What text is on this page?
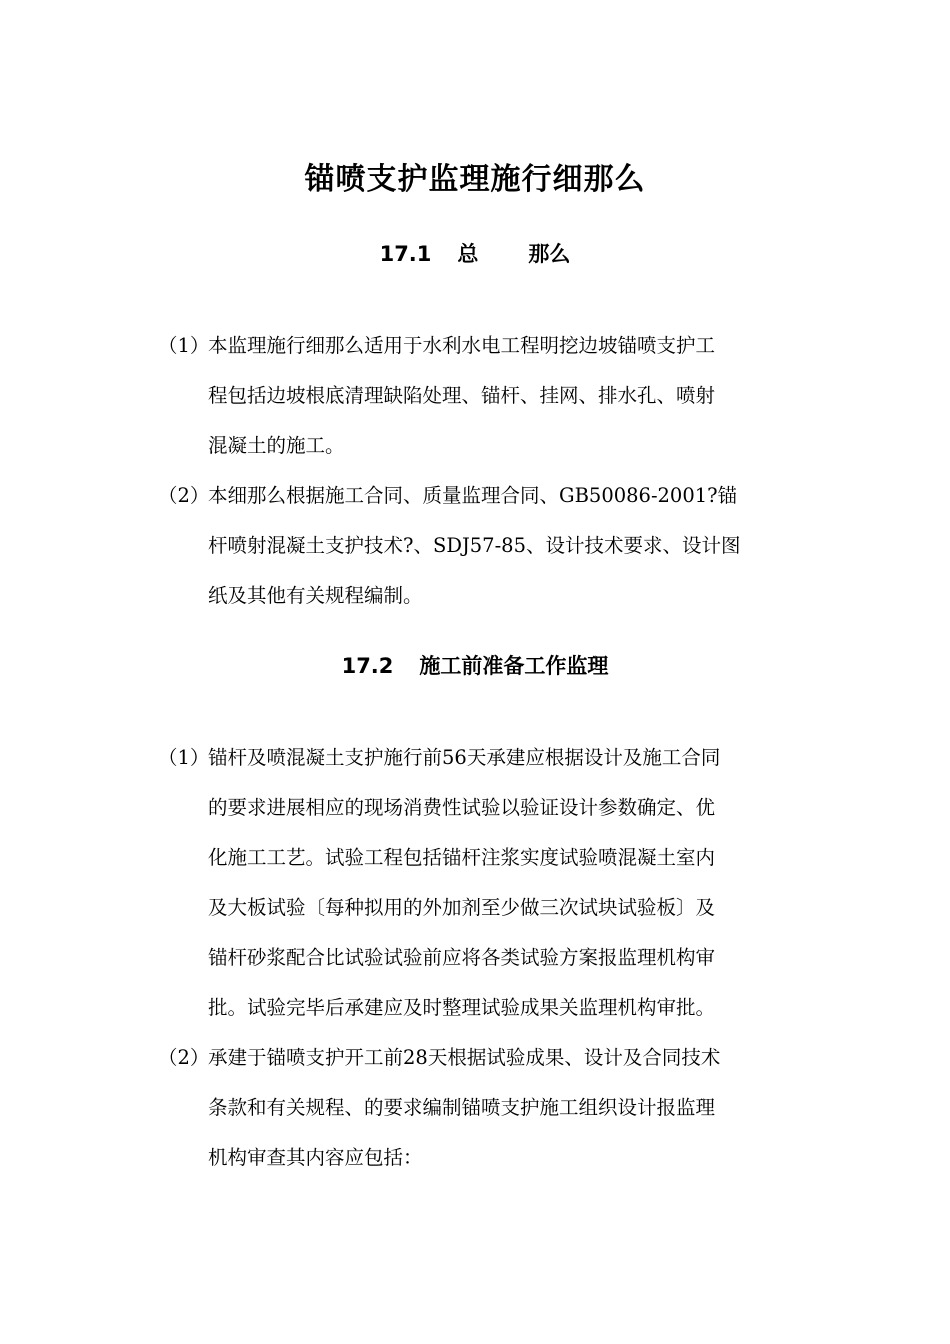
锚喷支护监理施行细那么
17.1 总 那么
（1）
本监理施行细那么适用于水利水电工程明挖边坡锚喷支护工
程包括边坡根底清理缺陷处理、锚杆、挂网、排水孔、喷射
混凝土的施工。
（2）
本细那么根据施工合同、质量监理合同、GB50086-2001?锚
杆喷射混凝土支护技术?、SDJ57-85、设计技术要求、设计图
纸及其他有关规程编制。
17.2 施工前准备工作监理
（1）
锚杆及喷混凝土支护施行前56天承建应根据设计及施工合同
的要求进展相应的现场消费性试验以验证设计参数确定、优
化施工工艺。试验工程包括锚杆注浆实度试验喷混凝土室内
及大板试验〔每种拟用的外加剂至少做三次试块试验板〕及
锚杆砂浆配合比试验试验前应将各类试验方案报监理机构审
批。试验完毕后承建应及时整理试验成果关监理机构审批。
（2）
承建于锚喷支护开工前28天根据试验成果、设计及合同技术
条款和有关规程、的要求编制锚喷支护施工组织设计报监理
机构审查其内容应包括：
